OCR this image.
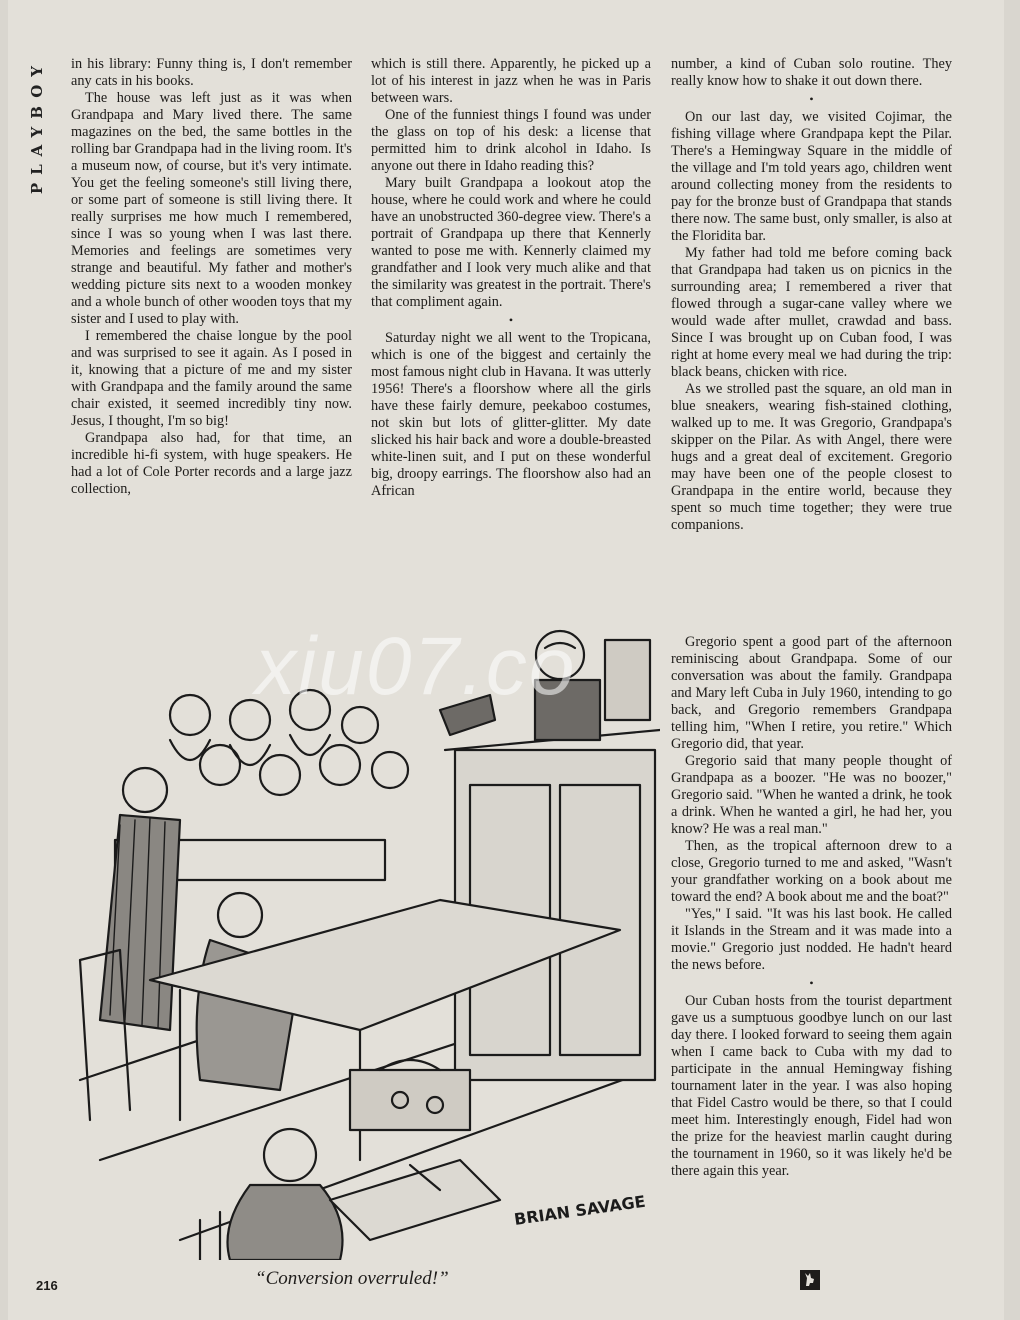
PLAYBOY in his library: Funny thing is, I don't remember any cats in his books.

The house was left just as it was when Grandpapa and Mary lived there. The same magazines on the bed, the same bottles in the rolling bar Grandpapa had in the living room. It's a museum now, of course, but it's very intimate. You get the feeling someone's still living there, or some part of someone is still living there. It really surprises me how much I remembered, since I was so young when I was last there. Memories and feelings are sometimes very strange and beautiful. My father and mother's wedding picture sits next to a wooden monkey and a whole bunch of other wooden toys that my sister and I used to play with.

I remembered the chaise longue by the pool and was surprised to see it again. As I posed in it, knowing that a picture of me and my sister with Grandpapa and the family around the same chair existed, it seemed incredibly tiny now. Jesus, I thought, I'm so big!

Grandpapa also had, for that time, an incredible hi-fi system, with huge speakers. He had a lot of Cole Porter records and a large jazz collection,

which is still there. Apparently, he picked up a lot of his interest in jazz when he was in Paris between wars.

One of the funniest things I found was under the glass on top of his desk: a license that permitted him to drink alcohol in Idaho. Is anyone out there in Idaho reading this?

Mary built Grandpapa a lookout atop the house, where he could work and where he could have an unobstructed 360-degree view. There's a portrait of Grandpapa up there that Kennerly wanted to pose me with. Kennerly claimed my grandfather and I look very much alike and that the similarity was greatest in the portrait. There's that compliment again.

•

Saturday night we all went to the Tropicana, which is one of the biggest and certainly the most famous night club in Havana. It was utterly 1956! There's a floorshow where all the girls have these fairly demure, peekaboo costumes, not skin but lots of glitter-glitter. My date slicked his hair back and wore a double-breasted white-linen suit, and I put on these wonderful big, droopy earrings. The floorshow also had an African

number, a kind of Cuban solo routine. They really know how to shake it out down there.

•

On our last day, we visited Cojimar, the fishing village where Grandpapa kept the Pilar. There's a Hemingway Square in the middle of the village and I'm told years ago, children went around collecting money from the residents to pay for the bronze bust of Grandpapa that stands there now. The same bust, only smaller, is also at the Floridita bar.

My father had told me before coming back that Grandpapa had taken us on picnics in the surrounding area; I remembered a river that flowed through a sugar-cane valley where we would wade after mullet, crawdad and bass. Since I was brought up on Cuban food, I was right at home every meal we had during the trip: black beans, chicken with rice.

As we strolled past the square, an old man in blue sneakers, wearing fish-stained clothing, walked up to me. It was Gregorio, Grandpapa's skipper on the Pilar. As with Angel, there were hugs and a great deal of excitement. Gregorio may have been one of the people closest to Grandpapa in the entire world, because they spent so much time together; they were true companions.

Gregorio spent a good part of the afternoon reminiscing about Grandpapa. Some of our conversation was about the family. Grandpapa and Mary left Cuba in July 1960, intending to go back, and Gregorio remembers Grandpapa telling him, "When I retire, you retire." Which Gregorio did, that year.

Gregorio said that many people thought of Grandpapa as a boozer. "He was no boozer," Gregorio said. "When he wanted a drink, he took a drink. When he wanted a girl, he had her, you know? He was a real man."

Then, as the tropical afternoon drew to a close, Gregorio turned to me and asked, "Wasn't your grandfather working on a book about me toward the end? A book about me and the boat?"

"Yes," I said. "It was his last book. He called it Islands in the Stream and it was made into a movie." Gregorio just nodded. He hadn't heard the news before.

•

Our Cuban hosts from the tourist department gave us a sumptuous goodbye lunch on our last day there. I looked forward to seeing them again when I came back to Cuba with my dad to participate in the annual Hemingway fishing tournament later in the year. I was also hoping that Fidel Castro would be there, so that I could meet him. Interestingly enough, Fidel had won the prize for the heaviest marlin caught during the tournament in 1960, so it was likely he'd be there again this year.

BRIAN SAVAGE
xiu07.co
“Conversion overruled!”
216
